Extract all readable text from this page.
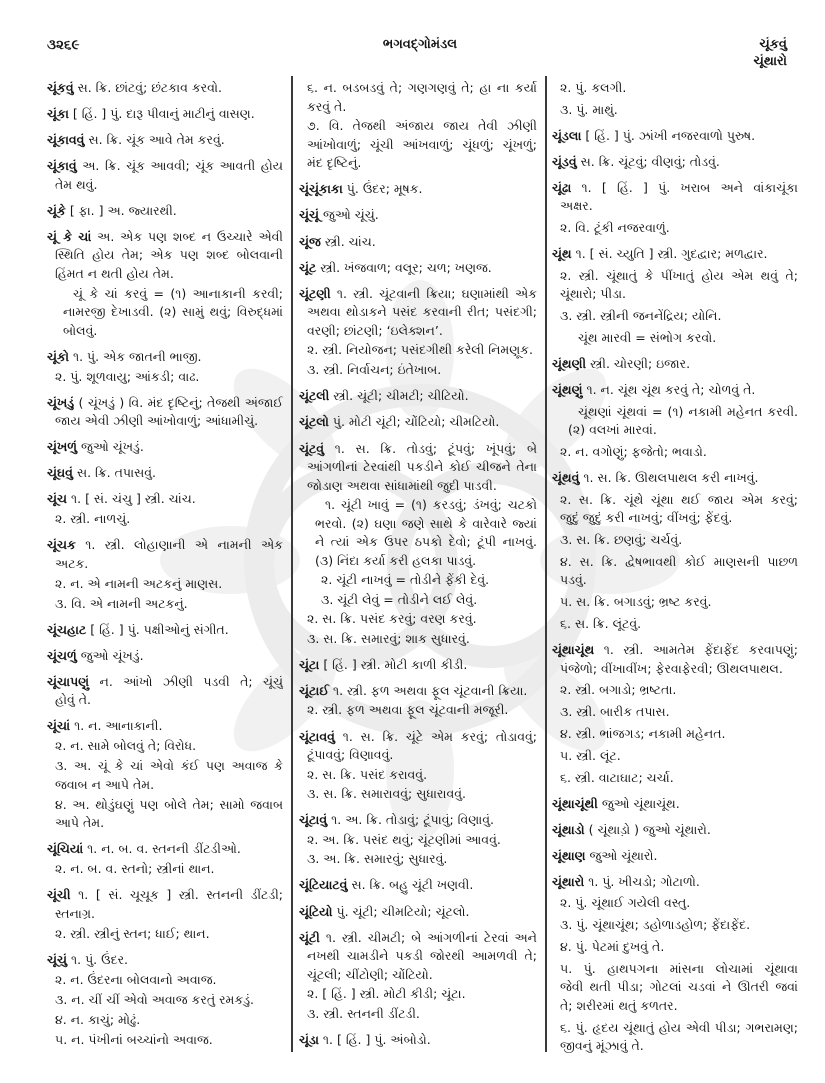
૩૨૬૯	ભગવદ્ગોમંડલ	ચૂંકવું
ચૂંથારો
ચૂંકવું સ. ક્રિ. છાંટવું; છંટકાવ કરવો.
ચૂંકા [ હિં. ] પું. દારૂ પીવાનું માટીનું વાસણ.
ચૂંકાવવું સ. ક્રિ. ચૂંક આવે તેમ કરવું.
ચૂંકાવું અ. ક્રિ. ચૂંક આવવી; ચૂંક આવતી હોય
તેમ થવું.
ચૂંકે [ ફા. ] અ. જ્યારથી.
ચૂં કે ચાં અ. એક પણ શબ્દ ન ઉચ્ચારે એવી
સ્થિતિ હોય તેમ; એક પણ શબ્દ બોલવાની
હિંમત ન થતી હોય તેમ.
ચૂં કે ચાં કરવું = (૧) આનાકાની કરવી;
નામરજી દેખાડવી. (૨) સામું થવું; વિરુદ્ધમાં
બોલવું.
ચૂંકો ૧. પું. એક જાતની ભાજી.
૨. પું. શૂળવાયુ; આંકડી; વાઢ.
ચૂંખડું ( ચૂંખડ઼ું ) વિ. મંદ દૃષ્ટિનું; તેજથી અંજાઈ
જાય એવી ઝીણી આંખોવાળું; આંધામીચું.
ચૂંખળું જુઓ ચૂંખડું.
ચૂંઘવું સ. ક્રિ. તપાસવું.
ચૂંચ ૧. [ સં. ચંચુ ] સ્ત્રી. ચાંચ.
૨. સ્ત્રી. નાળચું.
ચૂંચક ૧. સ્ત્રી. લોહાણાની એ નામની એક
અટક.
૨. ન. એ નામની અટકનું માણસ.
૩. વિ. એ નામની અટકનું.
ચૂંચહાટ [ હિં. ] પું. પક્ષીઓનું સંગીત.
ચૂંચળું જુઓ ચૂંખડું.
ચૂંચાપણું ન. આંખો ઝીણી પડવી તે; ચૂંચું
હોવું તે.
ચૂંચાં ૧. ન. આનાકાની.
૨. ન. સામે બોલવું તે; વિરોધ.
૩. અ. ચૂં કે ચાં એવો કંઈ પણ અવાજ કે
જવાબ ન આપે તેમ.
૪. અ. થોડુંઘણું પણ બોલે તેમ; સામો જવાબ
આપે તેમ.
ચૂંચિયાં ૧. ન. બ. વ. સ્તનની ડીંટડીઓ.
૨. ન. બ. વ. સ્તનો; સ્ત્રીનાં થાન.
ચૂંચી ૧. [ સં. ચૂચૂક ] સ્ત્રી. સ્તનની ડીંટડી;
સ્તનાગ્ર.
૨. સ્ત્રી. સ્ત્રીનું સ્તન; ધાઈ; થાન.
ચૂંચું ૧. પું. ઉંદર.
૨. ન. ઉંદરના બોલવાનો અવાજ.
૩. ન. ચીં ચીં એવો અવાજ કરતું રમકડું.
૪. ન. કાચું; મોઢું.
૫. ન. પંખીનાં બચ્ચાંનો અવાજ.
૬. ન. બડબડવું તે; ગણગણવું તે; હા ના કર્યા
કરવું તે.
૭. વિ. તેજથી અંજાય જાય તેવી ઝીણી
આંખોવાળું; ચૂંચી આંખવાળું; ચૂંધળું; ચૂંખળું;
મંદ દૃષ્ટિનું.
ચૂંચૂંકાકા પું. ઉંદર; મૂષક.
ચૂંચૂં જુઓ ચૂંચું.
ચૂંજ સ્ત્રી. ચાંચ.
ચૂંટ સ્ત્રી. ખંજવાળ; વલૂર; ચળ; ખણજ.
ચૂંટણી ૧. સ્ત્રી. ચૂંટવાની ક્રિયા; ઘણામાંથી એક
અથવા થોડાકને પસંદ કરવાની રીત; પસંદગી;
વરણી; છાંટણી; ‘ઇલેક્શન’.
૨. સ્ત્રી. નિયોજન; પસંદગીથી કરેલી નિમણૂક.
૩. સ્ત્રી. નિર્વાચન; ઇંતેખાબ.
ચૂંટલી સ્ત્રી. ચૂંટી; ચીમટી; ચીટિયો.
ચૂંટલો પું. મોટી ચૂંટી; ચોંટિયો; ચીમટિયો.
ચૂંટવું ૧. સ. ક્રિ. તોડવું; ટૂંપવું; ખૂંપવું; બે
આંગળીનાં ટેરવાંથી પકડીને કોઈ ચીજને તેના
જોડાણ અથવા સાંધામાંથી જુદી પાડવી.
૧. ચૂંટી ખાવું = (૧) કરડવું; ડંખવું; ચટકો
ભરવો. (૨) ઘણા જણે સાથે કે વારેવારે જ્યાં
ને ત્યાં એક ઉપર ઠપકો દેવો; ટૂંપી નાખવું.
(૩) નિંદા કર્યા કરી હલકા પાડવું.
૨. ચૂંટી નાખવું = તોડીને ફેંકી દેવું.
૩. ચૂંટી લેવું = તોડીને લઈ લેવું.
૨. સ. ક્રિ. પસંદ કરવું; વરણ કરવું.
૩. સ. ક્રિ. સમારવું; શાક સુધારવું.
ચૂંટા [ હિં. ] સ્ત્રી. મોટી કાળી કીડી.
ચૂંટાઈ ૧. સ્ત્રી. ફળ અથવા ફૂલ ચૂંટવાની ક્રિયા.
૨. સ્ત્રી. ફળ અથવા ફૂલ ચૂંટવાની મજૂરી.
ચૂંટાવવું ૧. સ. ક્રિ. ચૂંટે એમ કરવું; તોડાવવું;
ટૂંપાવવું; વિણાવવું.
૨. સ. ક્રિ. પસંદ કરાવવું.
૩. સ. ક્રિ. સમારાવવું; સુધારાવવું.
ચૂંટાવું ૧. અ. ક્રિ. તોડાવું; ટૂંપાવું; વિણાવું.
૨. અ. ક્રિ. પસંદ થવું; ચૂંટણીમાં આવવું.
૩. અ. ક્રિ. સમારવું; સુધારવું.
ચૂંટિયાટવું સ. ક્રિ. બહુ ચૂંટી ખણવી.
ચૂંટિયો પું. ચૂંટી; ચીમટિયો; ચૂંટલો.
ચૂંટી ૧. સ્ત્રી. ચીમટી; બે આંગળીનાં ટેરવાં અને
નખથી ચામડીને પકડી જોરથી આમળવી તે;
ચૂંટલી; ચીંટોણી; ચોંટિયો.
૨. [ હિં. ] સ્ત્રી. મોટી કીડી; ચૂંટા.
૩. સ્ત્રી. સ્તનની ડીંટડી.
ચૂંડા ૧. [ હિં. ] પું. અંબોડો.
૨. પું. કલગી.
૩. પું. માથું.
ચૂંડલા [ હિં. ] પું. ઝાંખી નજરવાળો પુરુષ.
ચૂંડવું સ. ક્રિ. ચૂંટવું; વીણવું; તોડવું.
ચૂંઢા ૧. [ હિં. ] પું. ખરાબ અને વાંકાચૂંકા
અક્ષર.
૨. વિ. ટૂંકી નજરવાળું.
ચૂંથ ૧. [ સં. ચ્યુતિ ] સ્ત્રી. ગુદદ્વાર; મળદ્વાર.
૨. સ્ત્રી. ચૂંથાતું કે પીંખાતું હોય એમ થવું તે;
ચૂંથારો; પીડા.
૩. સ્ત્રી. સ્ત્રીની જનનેંદ્રિય; યોનિ.
ચૂંથ મારવી = સંભોગ કરવો.
ચૂંથણી સ્ત્રી. ચોરણી; ઇજાર.
ચૂંથણું ૧. ન. ચૂંથ ચૂંથ કરવું તે; ચોળવું તે.
ચૂંથણાં ચૂંથવાં = (૧) નકામી મહેનત કરવી.
(૨) વલખાં મારવાં.
૨. ન. વગોણું; ફજેતો; ભવાડો.
ચૂંથવું ૧. સ. ક્રિ. ઊથલપાથલ કરી નાખવું.
૨. સ. ક્રિ. ચૂંથે ચૂંથા થઈ જાય એમ કરવું;
જુદું જુદું કરી નાખવું; વીંખવું; ફેંદવું.
૩. સ. ક્રિ. છણવું; ચર્ચવું.
૪. સ. ક્રિ. દ્વેષભાવથી કોઈ માણસની પાછળ
પડવું.
૫. સ. ક્રિ. બગાડવું; ભ્રષ્ટ કરવું.
૬. સ. ક્રિ. લૂંટવું.
ચૂંથાચૂંથ ૧. સ્ત્રી. આમતેમ ફેંદાફેંદ કરવાપણું;
પંજેળો; વીંખાવીંખ; ફેરવાફેરવી; ઊથલપાથલ.
૨. સ્ત્રી. બગાડો; ભ્રષ્ટતા.
૩. સ્ત્રી. બારીક તપાસ.
૪. સ્ત્રી. ભાંજગડ; નકામી મહેનત.
૫. સ્ત્રી. લૂંટ.
૬. સ્ત્રી. વાટાઘાટ; ચર્ચા.
ચૂંથાચૂંથી જુઓ ચૂંથાચૂંથ.
ચૂંથાડો ( ચૂંથાડ઼ો ) જુઓ ચૂંથારો.
ચૂંથાણ જુઓ ચૂંથારો.
ચૂંથારો ૧. પું. ખીચડો; ગોટાળો.
૨. પું. ચૂંથાઈ ગયેલી વસ્તુ.
૩. પું. ચૂંથાચૂંથ; ડહોળાડહોળ; ફેંદાફેંદ.
૪. પું. પેટમાં દુખવું તે.
૫. પું. હાથપગના માંસના લોચામાં ચૂંથાવા
જેવી થતી પીડા; ગોટલાં ચડવાં ને ઊતરી જવાં
તે; શરીરમાં થતું કળતર.
૬. પું. હૃદય ચૂંથાતું હોય એવી પીડા; ગભરામણ;
જીવનું મૂંઝાવું તે.
